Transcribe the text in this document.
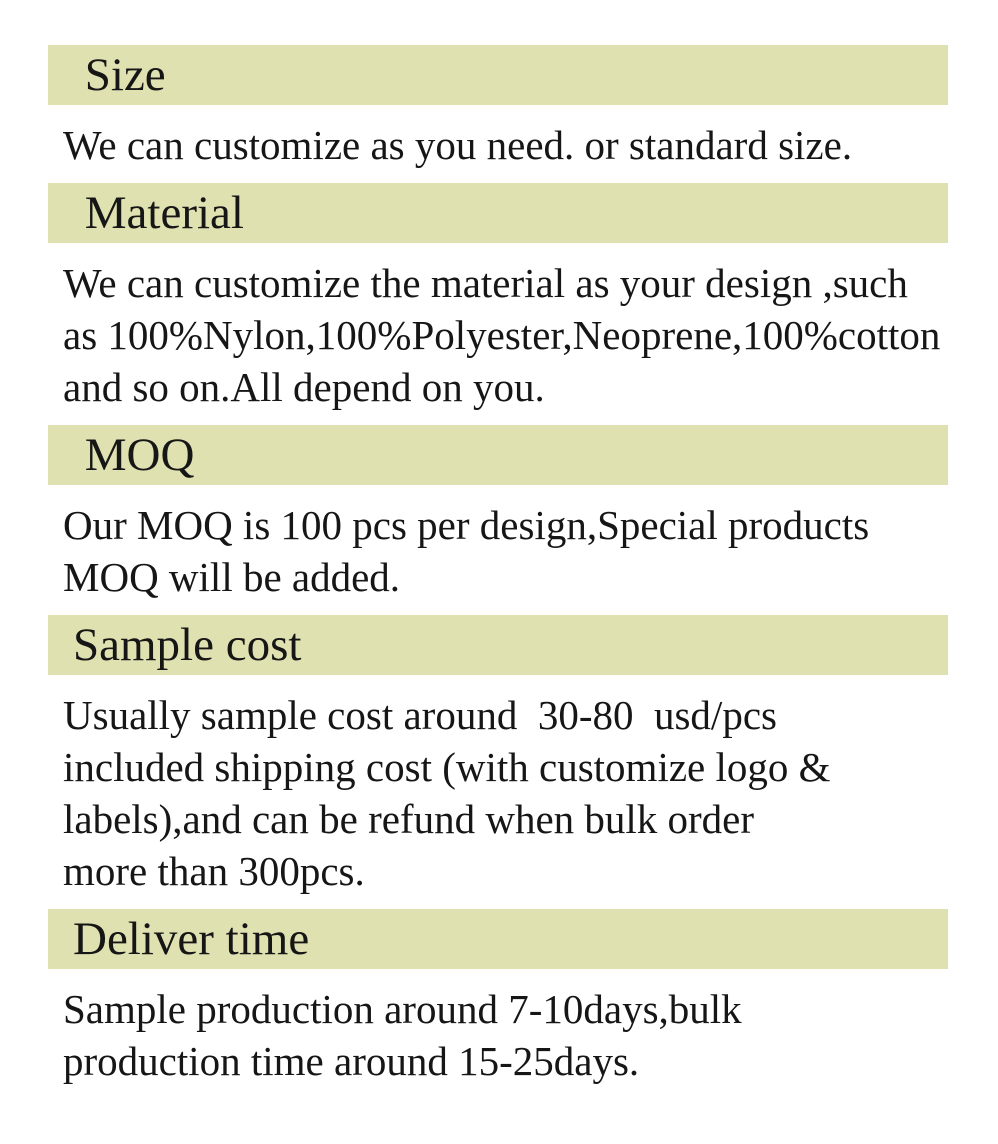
Size
We can customize as you need. or standard size.
Material
We can customize the material as your design ,such
as 100%Nylon,100%Polyester,Neoprene,100%cotton
and so on.All depend on you.
MOQ
Our MOQ is 100 pcs per design,Special products
MOQ will be added.
Sample cost
Usually sample cost around  30-80  usd/pcs
included shipping cost (with customize logo &
labels),and can be refund when bulk order
more than 300pcs.
Deliver time
Sample production around 7-10days,bulk
production time around 15-25days.
